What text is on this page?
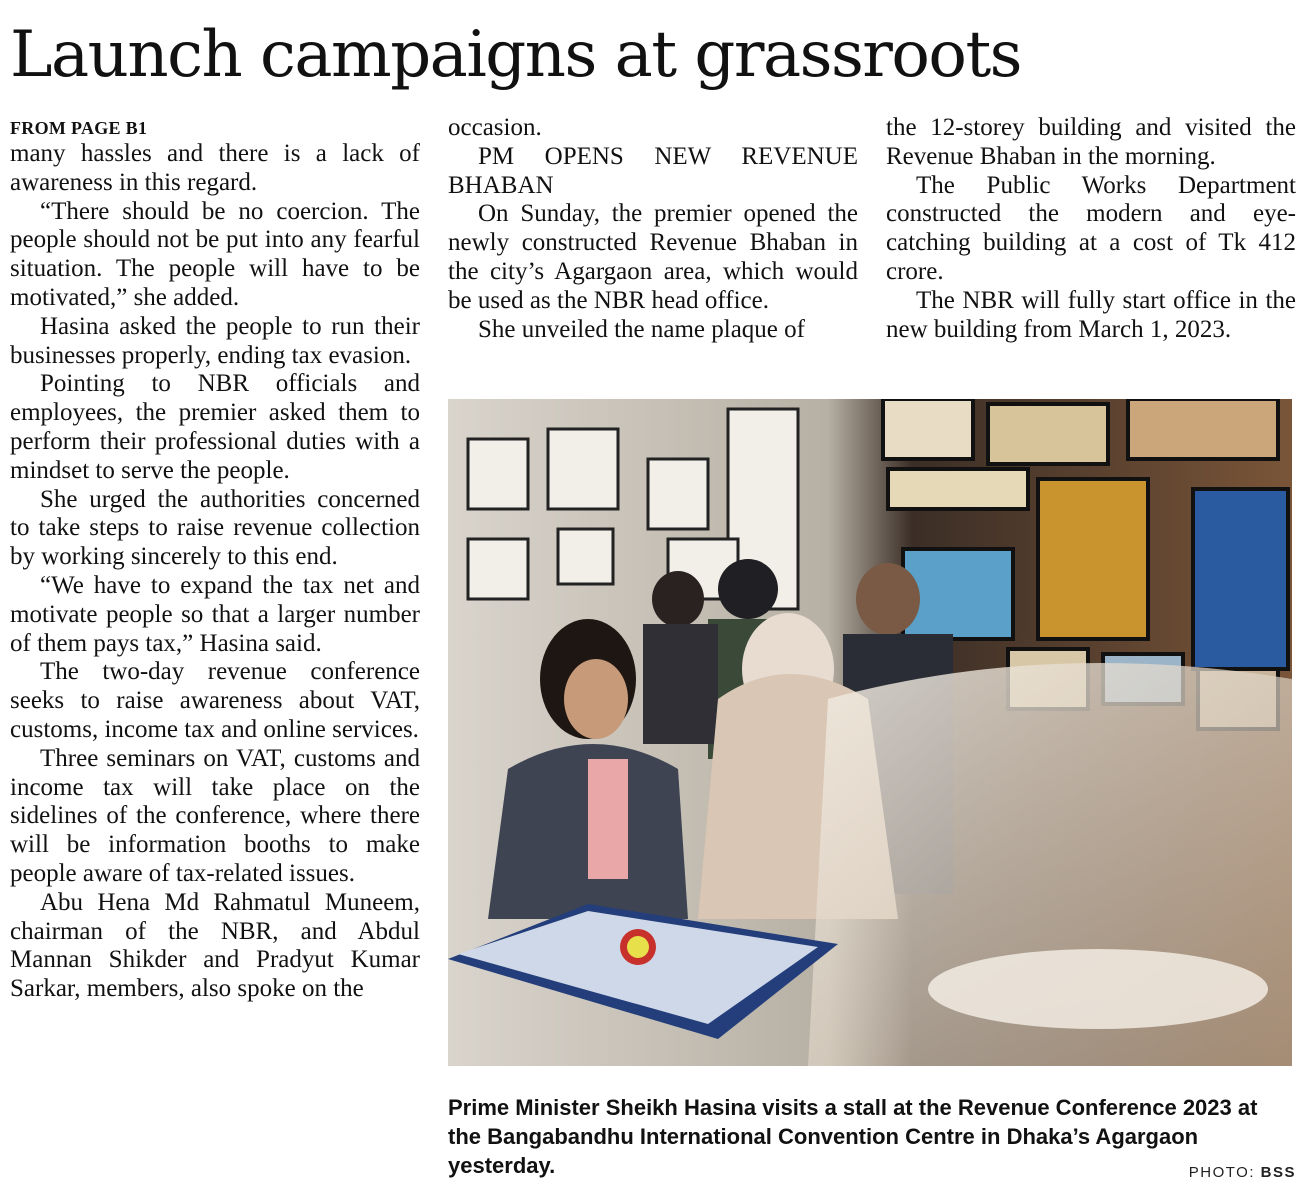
Launch campaigns at grassroots
FROM PAGE B1

many hassles and there is a lack of awareness in this regard.

“There should be no coercion. The people should not be put into any fearful situation. The people will have to be motivated,” she added.

Hasina asked the people to run their businesses properly, ending tax evasion.

Pointing to NBR officials and employees, the premier asked them to perform their professional duties with a mindset to serve the people.

She urged the authorities concerned to take steps to raise revenue collection by working sincerely to this end.

“We have to expand the tax net and motivate people so that a larger number of them pays tax,” Hasina said.

The two-day revenue conference seeks to raise awareness about VAT, customs, income tax and online services.

Three seminars on VAT, customs and income tax will take place on the sidelines of the conference, where there will be information booths to make people aware of tax-related issues.

Abu Hena Md Rahmatul Muneem, chairman of the NBR, and Abdul Mannan Shikder and Pradyut Kumar Sarkar, members, also spoke on the

occasion.

PM OPENS NEW REVENUE BHABAN

On Sunday, the premier opened the newly constructed Revenue Bhaban in the city’s Agargaon area, which would be used as the NBR head office.

She unveiled the name plaque of

the 12-storey building and visited the Revenue Bhaban in the morning.

The Public Works Department constructed the modern and eye-catching building at a cost of Tk 412 crore.

The NBR will fully start office in the new building from March 1, 2023.

Prime Minister Sheikh Hasina visits a stall at the Revenue Conference 2023 at the Bangabandhu International Convention Centre in Dhaka’s Agargaon yesterday.	PHOTO: BSS
